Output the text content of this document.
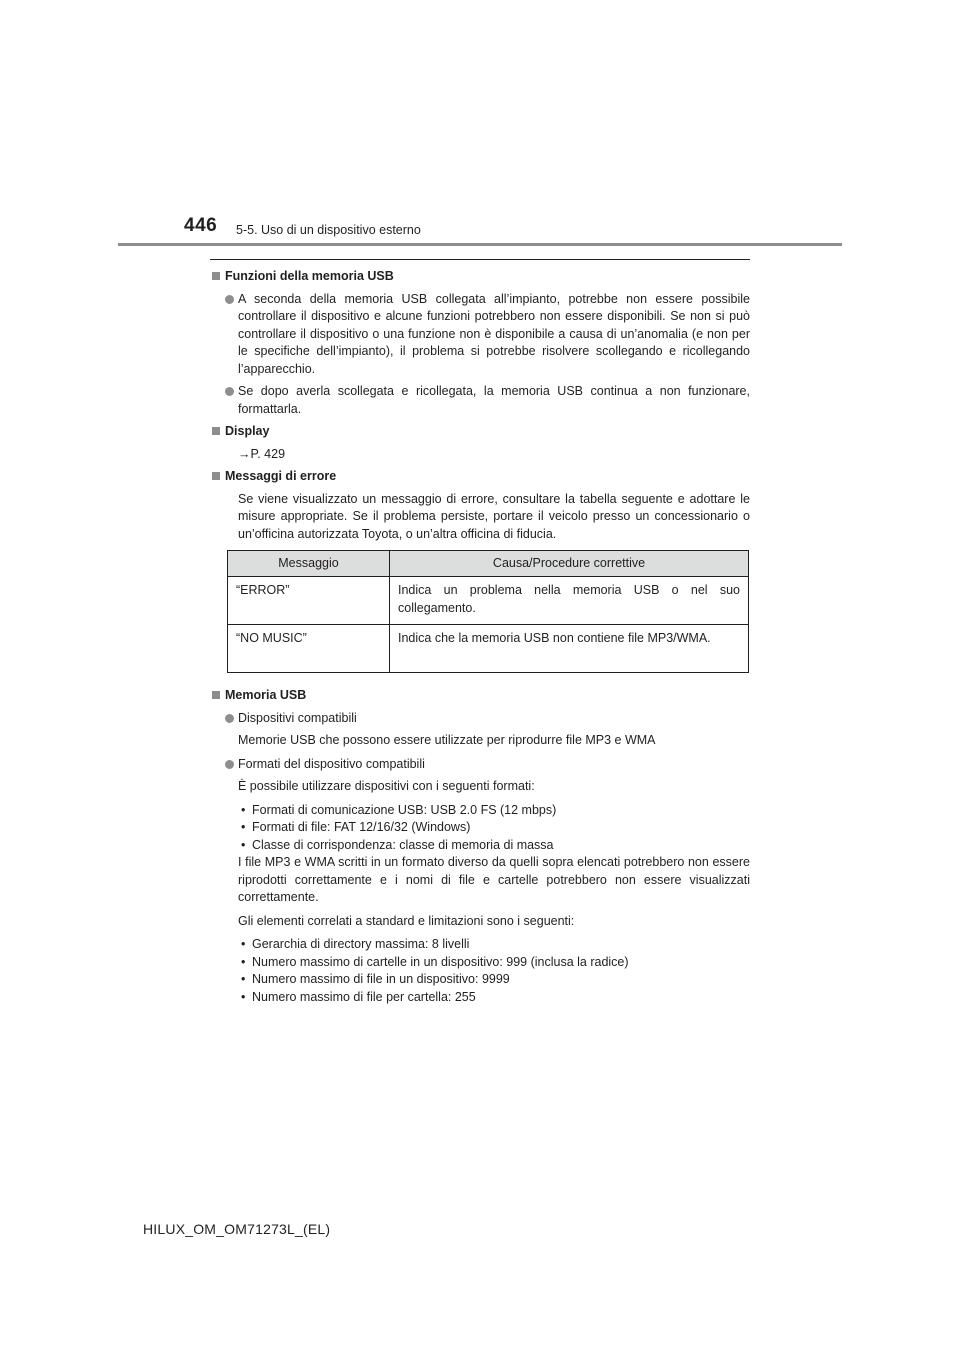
446 5-5. Uso di un dispositivo esterno
Funzioni della memoria USB
A seconda della memoria USB collegata all’impianto, potrebbe non essere possibile controllare il dispositivo e alcune funzioni potrebbero non essere disponibili. Se non si può controllare il dispositivo o una funzione non è disponibile a causa di un’anomalia (e non per le specifiche dell’impianto), il problema si potrebbe risolvere scollegando e ricollegando l’apparecchio.
Se dopo averla scollegata e ricollegata, la memoria USB continua a non funzionare, formattarla.
Display
→P. 429
Messaggi di errore
Se viene visualizzato un messaggio di errore, consultare la tabella seguente e adottare le misure appropriate. Se il problema persiste, portare il veicolo presso un concessionario o un’officina autorizzata Toyota, o un’altra officina di fiducia.
Messaggio	Causa/Procedure correttive
“ERROR”	Indica un problema nella memoria USB o nel suo collegamento.
“NO MUSIC”	Indica che la memoria USB non contiene file MP3/WMA.
Memoria USB
Dispositivi compatibili
Memorie USB che possono essere utilizzate per riprodurre file MP3 e WMA
Formati del dispositivo compatibili
È possibile utilizzare dispositivi con i seguenti formati:
• Formati di comunicazione USB: USB 2.0 FS (12 mbps)
• Formati di file: FAT 12/16/32 (Windows)
• Classe di corrispondenza: classe di memoria di massa
I file MP3 e WMA scritti in un formato diverso da quelli sopra elencati potrebbero non essere riprodotti correttamente e i nomi di file e cartelle potrebbero non essere visualizzati correttamente.
Gli elementi correlati a standard e limitazioni sono i seguenti:
• Gerarchia di directory massima: 8 livelli
• Numero massimo di cartelle in un dispositivo: 999 (inclusa la radice)
• Numero massimo di file in un dispositivo: 9999
• Numero massimo di file per cartella: 255
HILUX_OM_OM71273L_(EL)
